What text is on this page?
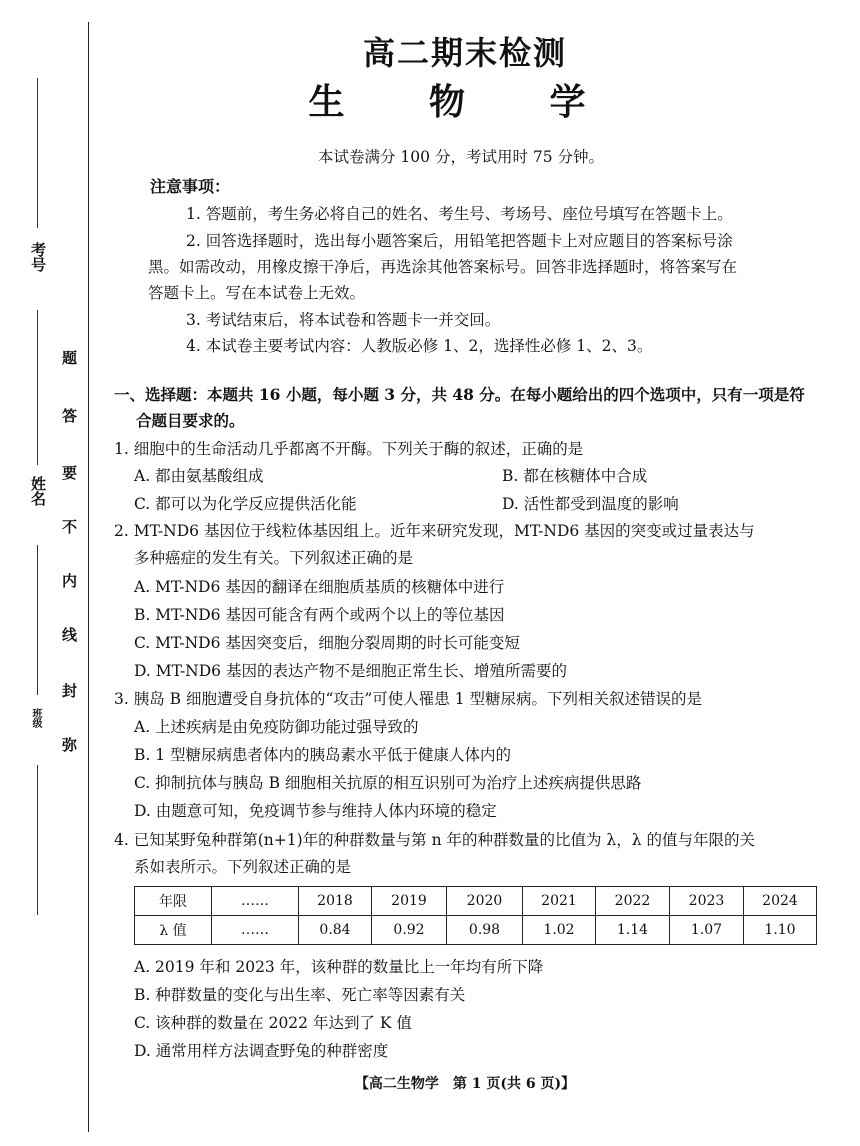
考号
姓名
班级
题
答
要
不
内
线
封
弥
高二期末检测
生 物 学
本试卷满分 100 分，考试用时 75 分钟。
注意事项：
1. 答题前，考生务必将自己的姓名、考生号、考场号、座位号填写在答题卡上。
2. 回答选择题时，选出每小题答案后，用铅笔把答题卡上对应题目的答案标号涂
黑。如需改动，用橡皮擦干净后，再选涂其他答案标号。回答非选择题时，将答案写在
答题卡上。写在本试卷上无效。
3. 考试结束后，将本试卷和答题卡一并交回。
4. 本试卷主要考试内容：人教版必修 1、2，选择性必修 1、2、3。
一、选择题：本题共 16 小题，每小题 3 分，共 48 分。在每小题给出的四个选项中，只有一项是符
合题目要求的。
1. 细胞中的生命活动几乎都离不开酶。下列关于酶的叙述，正确的是
A. 都由氨基酸组成	B. 都在核糖体中合成
C. 都可以为化学反应提供活化能	D. 活性都受到温度的影响
2. MT-ND6 基因位于线粒体基因组上。近年来研究发现，MT-ND6 基因的突变或过量表达与
多种癌症的发生有关。下列叙述正确的是
A. MT-ND6 基因的翻译在细胞质基质的核糖体中进行
B. MT-ND6 基因可能含有两个或两个以上的等位基因
C. MT-ND6 基因突变后，细胞分裂周期的时长可能变短
D. MT-ND6 基因的表达产物不是细胞正常生长、增殖所需要的
3. 胰岛 B 细胞遭受自身抗体的“攻击”可使人罹患 1 型糖尿病。下列相关叙述错误的是
A. 上述疾病是由免疫防御功能过强导致的
B. 1 型糖尿病患者体内的胰岛素水平低于健康人体内的
C. 抑制抗体与胰岛 B 细胞相关抗原的相互识别可为治疗上述疾病提供思路
D. 由题意可知，免疫调节参与维持人体内环境的稳定
4. 已知某野兔种群第(n+1)年的种群数量与第 n 年的种群数量的比值为 λ，λ 的值与年限的关
系如表所示。下列叙述正确的是
年限	……	2018	2019	2020	2021	2022	2023	2024
λ 值	……	0.84	0.92	0.98	1.02	1.14	1.07	1.10
A. 2019 年和 2023 年，该种群的数量比上一年均有所下降
B. 种群数量的变化与出生率、死亡率等因素有关
C. 该种群的数量在 2022 年达到了 K 值
D. 通常用样方法调查野兔的种群密度
【高二生物学　第 1 页(共 6 页)】
